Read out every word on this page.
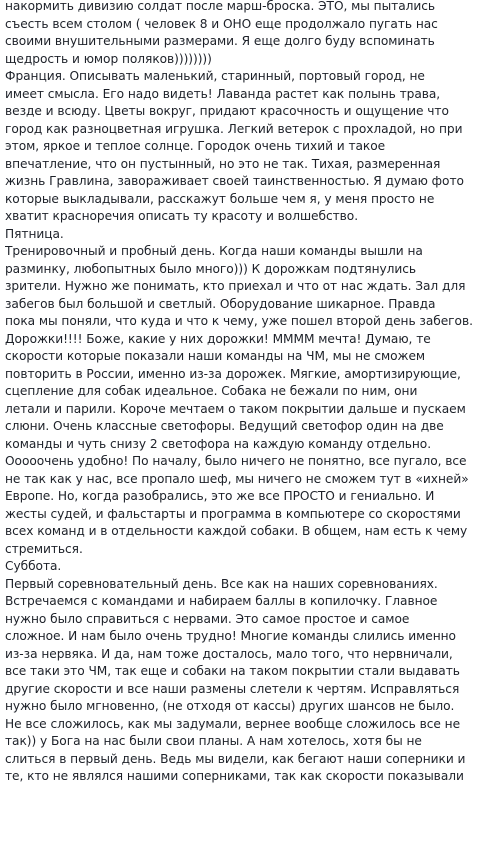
накормить дивизию солдат после марш-броска. ЭТО, мы пытались

съесть всем столом ( человек 8 и ОНО еще продолжало пугать нас

своими внушительными размерами. Я еще долго буду вспоминать

щедрость и юмор поляков))))))))

Франция. Описывать маленький, старинный, портовый город, не

имеет смысла. Его надо видеть! Лаванда растет как полынь трава,

везде и всюду. Цветы вокруг, придают красочность и ощущение что

город как разноцветная игрушка. Легкий ветерок с прохладой, но при

этом, яркое и теплое солнце. Городок очень тихий и такое

впечатление, что он пустынный, но это не так. Тихая, размеренная

жизнь Гравлина, завораживает своей таинственностью. Я думаю фото

которые выкладывали, расскажут больше чем я, у меня просто не

хватит красноречия описать ту красоту и волшебство.

Пятница.

Тренировочный и пробный день. Когда наши команды вышли на

разминку, любопытных было много))) К дорожкам подтянулись

зрители. Нужно же понимать, кто приехал и что от нас ждать. Зал для

забегов был большой и светлый. Оборудование шикарное. Правда

пока мы поняли, что куда и что к чему, уже пошел второй день забегов.

Дорожки!!!! Боже, какие у них дорожки! ММММ мечта! Думаю, те

скорости которые показали наши команды на ЧМ, мы не сможем

повторить в России, именно из-за дорожек. Мягкие, амортизирующие,

сцепление для собак идеальное. Собака не бежали по ним, они

летали и парили. Короче мечтаем о таком покрытии дальше и пускаем

слюни. Очень классные светофоры. Ведущий светофор один на две

команды и чуть снизу 2 светофора на каждую команду отдельно.

Ооооочень удобно! По началу, было ничего не понятно, все пугало, все

не так как у нас, все пропало шеф, мы ничего не сможем тут в «ихней»

Европе. Но, когда разобрались, это же все ПРОСТО и гениально. И

жесты судей, и фальстарты и программа в компьютере со скоростями

всех команд и в отдельности каждой собаки. В общем, нам есть к чему

стремиться.

Суббота.

Первый соревновательный день. Все как на наших соревнованиях.

Встречаемся с командами и набираем баллы в копилочку. Главное

нужно было справиться с нервами. Это самое простое и самое

сложное. И нам было очень трудно! Многие команды слились именно

из-за нервяка. И да, нам тоже досталось, мало того, что нервничали,

все таки это ЧМ, так еще и собаки на таком покрытии стали выдавать

другие скорости и все наши размены слетели к чертям. Исправляться

нужно было мгновенно, (не отходя от кассы) других шансов не было.

Не все сложилось, как мы задумали, вернее вообще сложилось все не

так)) у Бога на нас были свои планы. А нам хотелось, хотя бы не

слиться в первый день. Ведь мы видели, как бегают наши соперники и

те, кто не являлся нашими соперниками, так как скорости показывали
